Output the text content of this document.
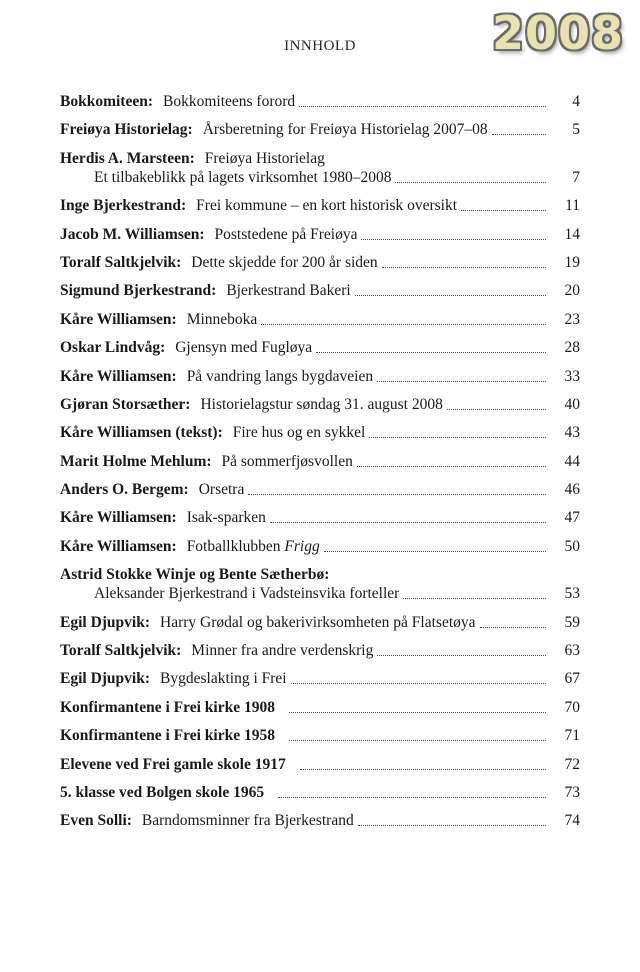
INNHOLD	2008
Bokkomiteen: Bokkomiteens forord	4
Freiøya Historielag: Årsberetning for Freiøya Historielag 2007–08	5
Herdis A. Marsteen: Freiøya Historielag
Et tilbakeblikk på lagets virksomhet 1980–2008	7
Inge Bjerkestrand: Frei kommune – en kort historisk oversikt	11
Jacob M. Williamsen: Poststedene på Freiøya	14
Toralf Saltkjelvik: Dette skjedde for 200 år siden	19
Sigmund Bjerkestrand: Bjerkestrand Bakeri	20
Kåre Williamsen: Minneboka	23
Oskar Lindvåg: Gjensyn med Fugløya	28
Kåre Williamsen: På vandring langs bygdaveien	33
Gjøran Storsæther: Historielagstur søndag 31. august 2008	40
Kåre Williamsen (tekst): Fire hus og en sykkel	43
Marit Holme Mehlum: På sommerfjøsvollen	44
Anders O. Bergem: Orsetra	46
Kåre Williamsen: Isak-sparken	47
Kåre Williamsen: Fotballklubben Frigg	50
Astrid Stokke Winje og Bente Sætherbø:
Aleksander Bjerkestrand i Vadsteinsvika forteller	53
Egil Djupvik: Harry Grødal og bakerivirksomheten på Flatsetøya	59
Toralf Saltkjelvik: Minner fra andre verdenskrig	63
Egil Djupvik: Bygdeslakting i Frei	67
Konfirmantene i Frei kirke 1908	70
Konfirmantene i Frei kirke 1958	71
Elevene ved Frei gamle skole 1917	72
5. klasse ved Bolgen skole 1965	73
Even Solli: Barndomsminner fra Bjerkestrand	74
